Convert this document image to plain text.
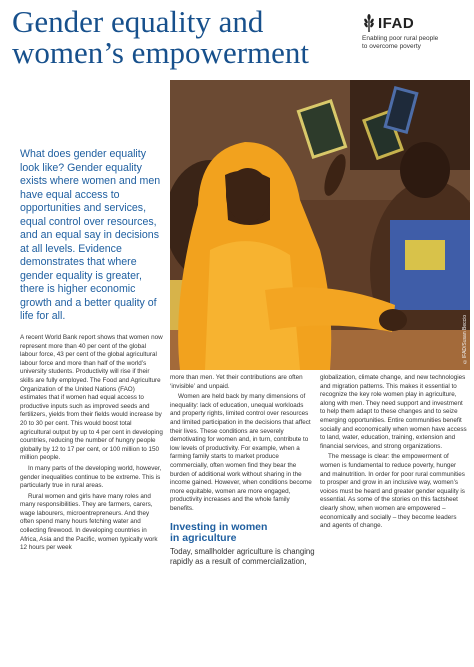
Gender equality and
women’s empowerment
IFAD
Enabling poor rural people
to overcome poverty
©IFAD/Susan Beccio

What does gender equality look like? Gender equality exists where women and men have equal access to opportunities and services, equal control over resources, and an equal say in decisions at all levels. Evidence demonstrates that where gender equality is greater, there is higher economic growth and a better quality of life for all.

A recent World Bank report shows that women now represent more than 40 per cent of the global labour force, 43 per cent of the global agricultural labour force and more than half of the world’s university students. Productivity will rise if their skills are fully employed. The Food and Agriculture Organization of the United Nations (FAO) estimates that if women had equal access to productive inputs such as improved seeds and fertilizers, yields from their fields would increase by 20 to 30 per cent. This would boost total agricultural output by up to 4 per cent in developing countries, reducing the number of hungry people globally by 12 to 17 per cent, or 100 million to 150 million people.

In many parts of the developing world, however, gender inequalities continue to be extreme. This is particularly true in rural areas.

Rural women and girls have many roles and many responsibilities. They are farmers, carers, wage labourers, microentrepreneurs. And they often spend many hours fetching water and collecting firewood. In developing countries in Africa, Asia and the Pacific, women typically work 12 hours per week

more than men. Yet their contributions are often ‘invisible’ and unpaid.

Women are held back by many dimensions of inequality: lack of education, unequal workloads and property rights, limited control over resources and limited participation in the decisions that affect their lives. These conditions are severely demotivating for women and, in turn, contribute to low levels of productivity. For example, when a farming family starts to market produce commercially, often women find they bear the burden of additional work without sharing in the income gained. However, when conditions become more equitable, women are more engaged, productivity increases and the whole family benefits.

Investing in women
in agriculture

Today, smallholder agriculture is changing rapidly as a result of commercialization,

globalization, climate change, and new technologies and migration patterns. This makes it essential to recognize the key role women play in agriculture, along with men. They need support and investment to help them adapt to these changes and to seize emerging opportunities. Entire communities benefit socially and economically when women have access to land, water, education, training, extension and financial services, and strong organizations.

The message is clear: the empowerment of women is fundamental to reduce poverty, hunger and malnutrition. In order for poor rural communities to prosper and grow in an inclusive way, women’s voices must be heard and greater gender equality is essential. As some of the stories on this factsheet clearly show, when women are empowered – economically and socially – they become leaders and agents of change.
